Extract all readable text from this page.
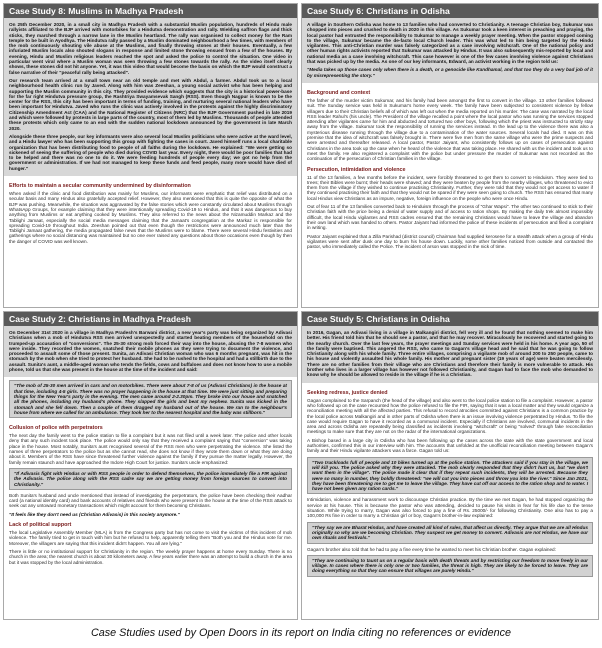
Case Study 8: Muslims in Madhya Pradesh

On 25th December 2020, in a small city in Madhya Pradesh with a substantial Muslim population, hundreds of Hindu male rallyists affiliated to the BJP arrived with motorbikes for a Hindutva demonstration and rally. Wielding saffron flags and thick sticks, they marched through a narrow lane in the Muslim heartland. The rally was organised to collect money for the Ram temple to be built in Ayodhya. The Hindutva rally passed by a Muslim dominated neighbourhood a few times, with members of the mob continuously shouting vile abuse at the Muslims, and finally throwing stones at their houses. Eventually, a few infuriated Muslim locals also shouted slogans in response and limited stone throwing ensued from a few of the houses. By evening, Hindu and Muslim religious leaders reached the spot and asked the police to control the situation. One video in particular went viral where a Muslim woman was seen throwing a few stones towards the rally. As the video itself clearly shows, these stones did not hit anyone. Yet, it was this video that would become the basis on which the BJP would construct a false narrative of their "peaceful rally being attacked".

Our research team arrived at a small town near an old temple and met with Abdul, a farmer. Abdul took us to a local neighbourhood health clinic run by Javed. Along with him was Zeeshan, a young social activist who has been helping and supporting the Muslim community in this city. They provided evidence which suggests that the city is a historical power-base for the far right Hindutva pressure group, the Rashtriya Swayamsevak Sangh (RSS). Even though Nagpur is known to be the center for the RSS, this city has been important in terms of funding, training, and nurturing several national leaders who have been important for Hindutva. Javed who runs the clinic was actively involved in the protests against the highly discriminatory Citizenship Amendment Act (CAA) and the National Register of Citizens (NRC) that the BJP Government pushed in late 2019 and which were followed by protests in large parts of the country, most of them led by Muslims. Thousands of people attended these protests which only came to an end with the sudden national lockdown announced by the government in late March 2020.

Alongside these three people, our key informants were also several local Muslim politicians who were active at the ward level, and a Hindu lawyer who has been supporting this group with fighting the cases in court. Javed himself runs a local charitable organization that has been distributing food to people of all faiths during the lockdown. He explained: "We were getting so sickened of seeing the suffering of people who died during COVID last year. Every night, there would be poor families that had to be helped and there was no one to do it. We were feeding hundreds of people every day; we got no help from the government or administration. If we had not managed to keep these funds and feed people, many more would have died of hunger."

Efforts to maintain a secular community undermined by disinformation

When asked if the clinic and food distribution was mainly for Muslims, our informants were emphatic that relief was distributed on a secular basis and many Hindus also gratefully accepted relief. However, they also mentioned that this is quite the opposite of what the BJP was pushing. Meanwhile, the situation was aggravated by the false stories which were constantly circulated about Muslims through WhatsApp Groups, for example claiming that they were intentionally spreading Covid-19 to Hindus, and that it was dangerous to buy anything from Muslims or eat anything cooked by Muslims. They also referred to the news about the Nizamuddin Markaz and the Tablighi Jamaat, especially the social media messages claiming that the Jamaat's congregation at the Markaz is responsible for spreading Covid-19 throughout India. Zeeshan pointed out that even though the restrictions were announced much later than the Tablighi Jamaat gathering, the media propagated false news that the Muslims were to blame. There were several Hindu festivities and gatherings where no social distancing was maintained but no one ever raised any questions about those occasions even though by then the danger of COVID was well known.

Case Study 6: Christians in Odisha

A village in Southern Odisha was home to 13 families who had converted to Christianity. A teenage Christian boy, Sukumar was chopped into pieces and crushed to death in 2020 in this village. As Sukumar took a keen interest in preaching and praying, the local pastor had entrusted the responsibility to Sukumar to manage a weekly prayer meeting. When the pastor stopped coming to the village, Sukumar became the de-facto local Church leader. This was what led to him being targeted by the Hindu vigilantes. This anti-Christian murder was falsely categorized as a case involving witchcraft. One of the national policy and other human rights activists reported that Sukumar was attacked by Hindus. It was also subsequently mis-reported by local and national media as a case involving witchcraft. This case however is one of the few cases involving violence against Christians that was picked up by the media. As one of our key informants, Edward, an activist working in the region told us:

"Media takes up those cases only when there is a death, or a genocide like Kandhamal, and that too they do a very bad job of it by misrepresenting the story."

Background and context

The father of the murder victim Sukumar, and his family had been amongst the first to convert in the village. 13 other families followed suit. The Sunday service was held in Sukumar's home every week. The family have been subjected to consistent violence by fellow villagers due to their Christian beliefs all of which was left out when the media reported on his murder. The case was narrated by the local RSS leader Rahul's (his uncle). The President of the village recalled a point where the local pastor who was running the services stopped attending after vigilantes came for him and abducted and tortured two other boys, following which the priest was instructed to strictly stay away from the village. Sukumar took the responsibility of running the services instead. In the lead up to the violence there was also a mysterious disease running through the village due to a contamination of the water sources. Several locals had died. It was on this premise that the idea of witchcraft was falsely brought in. There were five men from the same village who were the prime suspects and were arrested and thereafter released. A local pastor, Pastor Jaiyant, who consistently follows up on cases of persecution against Christians in the area took up the case when he heard of the violence that was taking place. He shared with us the incident and took us to meet the family. He also registered a complaint with the police but under pressure the murder of Sukumar was not recorded as the continuation of the persecution of Christian families in the village.

Persecution, intimidation and violence

11 of the 13 families, a few months before the incident, were forcibly threatened to get them to convert to Hinduism. They were tied to trees; their Bibles were burnt; their heads were shaved; and they were beaten by people from the nearby villages, who threatened to evict them from the village if they wished to continue practising Christianity. Further, they were told that they would not get access to water if they continued practising their faith and that they would not be spared if they were seen going to church. The RSS has ensured that many local Hindus view Christians as an impure, negative, foreign influence on the people who were once Hindu.

Out of fear 11 of the 13 families converted back to Hinduism through the process of "Ghar Wapsi". The other two continued to stick to their Christian faith with the price being a denial of water supply and of access to ration shops. By making the daily trek almost impossibly difficult, the local Hindu vigilantes and RSS cadres ensured that the remaining Christians would have to leave the village and abandon their own land which was handed to others. Pastor Jaiyant had informed the police of these incidents of persecution and filed a complaint in writing.

Pastor Jaiyant explained that a Zilla Parishad (district council) Chairman had supplied kerosene for a stealth attack when a group of Hindu vigilantes were sent after dusk one day to burn his house down. Luckily, some other families noticed from outside and contacted the pastor, who immediately called the Police. The incident of arson was stopped in the nick of time.

Case Study 2: Christians in Madhya Pradesh

On December 31st 2020 in a village in Madhya Pradesh's Barwani district, a new year's party was being organized by Adivasi Christians when a mob of Hindutva RSS men arrived unexpectedly and started beating members of the household on the trumped-up accusation of "conversions". The 25-30 strong mob forced their way into the house, abusing the 7-8 women who were inside. They recorded the women, snatched their mobile phones as they were trying to document the violence, and proceeded to assault some of those present. Sunita, an Adivasi Christian woman who was 6 months pregnant, was hit in the stomach by the mob when she tried to protect her husband. She had to be rushed to the hospital and had a stillbirth due to the assault. Sunita's aunt, a middle-aged woman who tends the fields, cows and buffaloes and does not know how to use a mobile phone, told us that she was present in the house at the time of the incident and said:

"The mob of 25-30 men arrived in cars and on motorbikes. There were about 7-8 of us (Adivasi Christians) in the house at that time, including 4-5 girls. There was no prayer happening in the house at that time. We were just sitting and preparing things for the New Year's party in the evening. The men came around 2-2.30pm. They broke into our house and snatched all the phones, including my husband's phone. They slapped the girls and beat my nephew. Sunita was kicked in the stomach and she fell down. Then a couple of them dragged my husband out of the house. We ran to the neighbour's house from where we called for an ambulance. They took her to the nearest hospital and the baby was stillborn."

Collusion of police with perpetrators

The next day the family went to the police station to file a complaint but it was not filed until a week later. The police and other locals deny that any such incident took place. The police would only say that they received a complaint saying that "conversion" was taking place in the house. Most notably, Sunita's aunt recognised several of the RSS men who were perpetrating the violence. She listed the names of three perpetrators to the police but as she cannot read, she does not know if they wrote them down or what they are doing about it. Members of the RSS have since threatened further violence against the family if they pursue the matter legally. However, the family remain staunch and have approached the Indore High Court for justice. Sunita's uncle emphasized:

"If Adivasis fight with Hindus or with RSS people in order to defend themselves, the police immediately file a FIR against the Adivasis. The police along with the RSS cadre say we are getting money from foreign sources to convert into Christianity."

Both Sunita's husband and uncle mentioned that instead of investigating the perpetrators, the police have been checking their Aadhar card (a national identity card) and bank accounts of relatives and friends who were present in the house at the time of the RSS attack to seek out any untoward monetary transactions which might account for them becoming Christians.

"It feels like they don't need us (Christian Adivasis) in this society anymore."

Lack of political support

The local Legislative Assembly Member (MLA) is from the Congress party but has not come to visit the victims of this incident of mob violence. The family tried to get in touch with him but he refused to help, apparently telling them "Both you and the Hindus vote for me. Moreover, the villagers are saying that this incident didn't happen. You all are lying."

There is little or no institutional support for Christianity in the region. The weekly prayer happens at home every Sunday. There is no church in the area; the nearest church is about 30 kilometers away. A few years earlier there was an attempt to build a church in the area but it was stopped by the local administration.

Case Study 5: Christians in Odisha

In 2016, Gagan, an Adivasi living in a village in Malkangiri district, fell very ill and he found that nothing seemed to make him better. His friend told him that he should see a pastor, and that he may recover. Miraculously he recovered and started going to the nearby church. Over the last few years, the prayer meetings and Sunday services were held in his home. A year ago, 50 of the family were baptised. This angered the RSS, who came to Gagan's village head and he said that he was going to follow Christianity along with his whole family. Three entire villages, comprising a vigilante mob of around 200 to 250 people, came to his house and violently assaulted his whole family. His mother and pregnant sister (19 years of age) were beaten mercilessly. There are no other families from their village who are Christians and therefore their family is more vulnerable to attack. His brother who lives in a larger village has however not followed Christianity, and Gagan had to face the mob who demanded to know why he should be allowed to reside in the village if he is a Christian.

Seeking redress, justice denied

Gagan complained to the Sarpanch (the head of the village) and also went to the local police station to file a complaint. However, a pastor who followed up on the case recounted how the police refused to file the FIR, saying that it was a local matter and they would organize a reconciliation meeting with all the affected parties. This refusal to record atrocities committed against Christians is a common practice by the local police across Malkangiri and in other parts of Odisha when there is an issue involving violence perpetrated by Hindus. To file the case would require Gagan to have it recorded as a communal incident. Especially if Christians are involved, communal incidents in the area and across Odisha are repeatedly being classified as incidents involving "witchcraft" or being "solved" through fake reconciliation meetings to make sure that they are not on the radar of the international organizations.

A Bishop based in a large city in Odisha who has been following up the cases across the state with the state government and local authorities, confirmed this in our interview with him. The accounts that unfolded at the unofficial reconciliation meeting between Gagan's family and their Hindu vigilante attackers was a farce. Gagan told us:

"Two truckloads full of people and 10 bikes turned up at the police station. The attackers said if you stay in the village, we will kill you. The police asked why they were attacked. The mob clearly responded that they didn't hurt us, but "we don't want them in the village". The police made it clear that if they repeat such incidents, they will be arrested. Because they were so many in number, they boldly threatened: "we will cut you into pieces and throw you into the river." Since Jan 2021, they have been threatening me to get me to leave the village. They have cut off our access to the ration shop and to water. I have not been given any ration cards."

Intimidation, violence and harassment work to discourage Christian practice. By the time we met Gagan, he had stopped organizing the service at his house. This is because the pastor who was attending, decided to pause his visits in fear for his life due to the tense situation. While trying to marry, Gagan was also forced to pay a fine of Rs. 25000/- for following Christianity. One also has to pay a 100,000 Rs fine in order to marry a Christian girl or boy, Gagan's brother-in-law explained:

"They say we are Bharat Hindus, and have created all kind of rules, that affect us directly. They argue that we are all Hindus originally so why are we becoming Christian. They suspect we get money to convert. Adivasis are not Hindus, we have our own rituals and festivals."

Gagan's brother also told that he had to pay a fine every time he wanted to meet his Christian brother. Gagan explained:

"They are continuing to taunt us on a regular basis with death threats and by restricting our freedom to move freely in our village. In cases where there is only one or two families, the threat is high. They are likely to be forced to leave. They are doing everything so that they can ensure that villages are purely Hindu."

Case Studies used by Open Doors in its report on India citing no references or evidence
